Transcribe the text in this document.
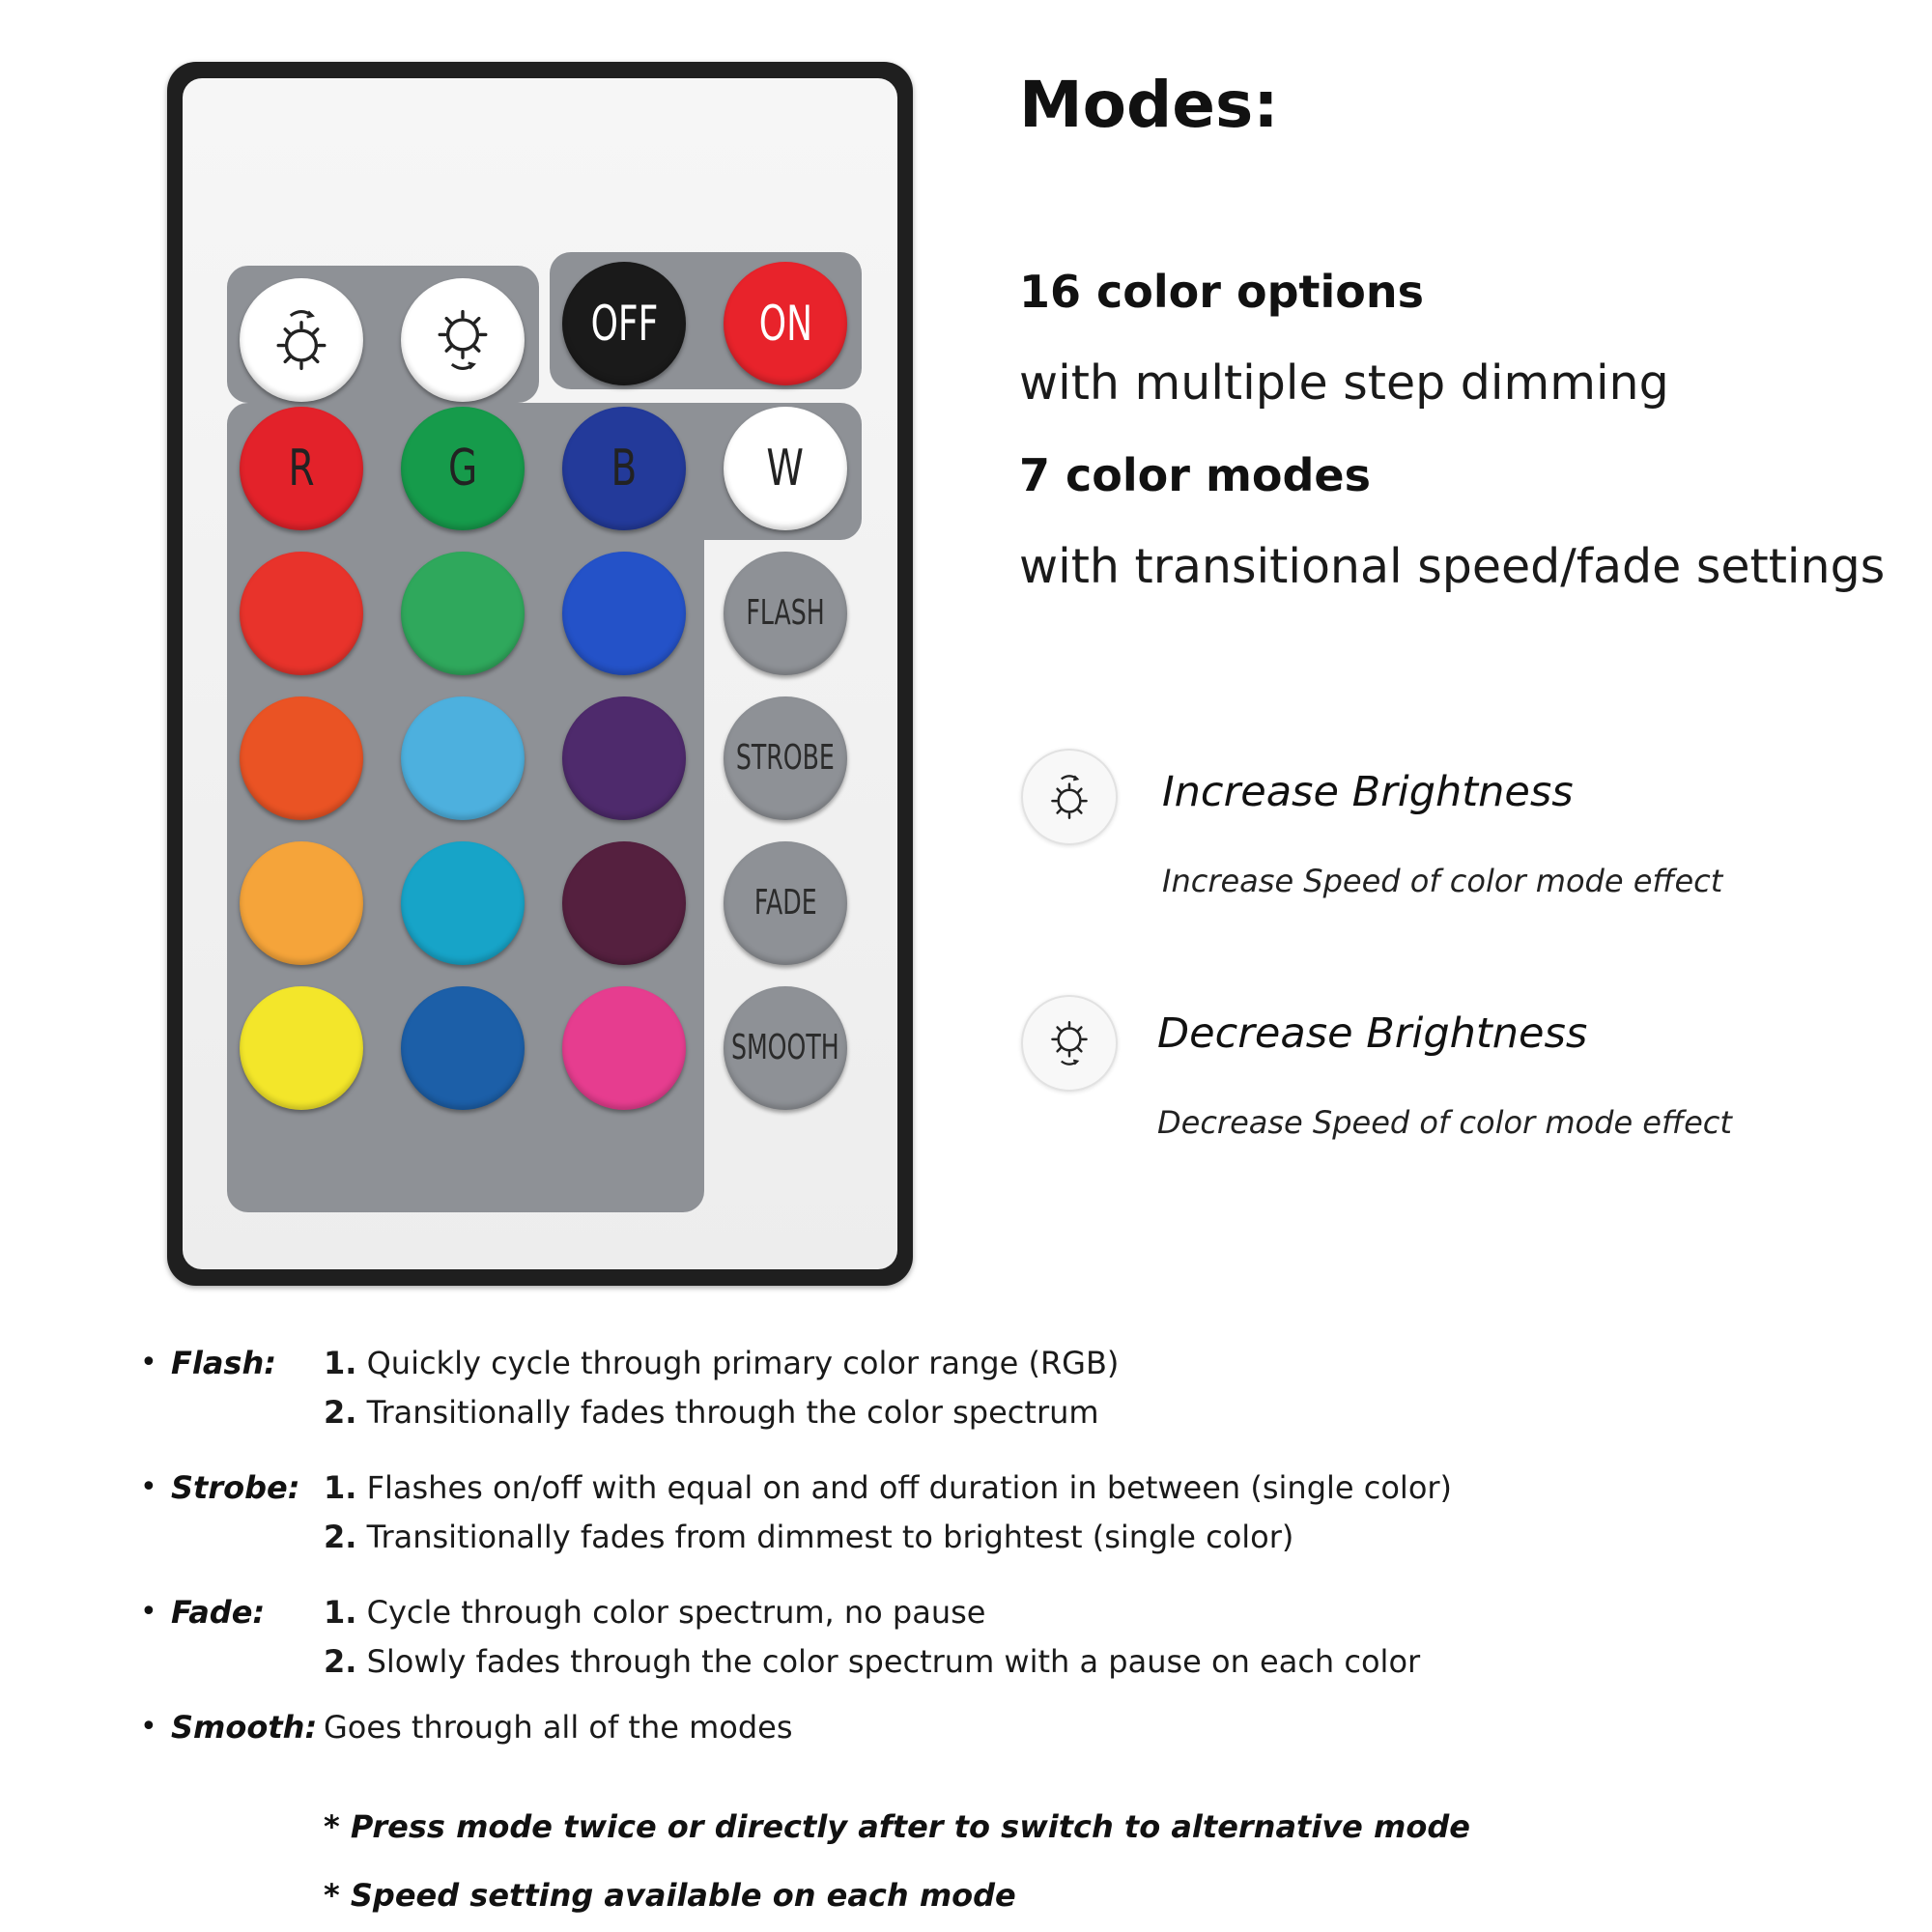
OFF ON
R	G	B	W
FLASH
STROBE
FADE
SMOOTH
Modes:

16 color options

with multiple step dimming

7 color modes

with transitional speed/fade settings

Increase Brightness

Increase Speed of color mode effect

Decrease Brightness

Decrease Speed of color mode effect

• Flash: 1. Quickly cycle through primary color range (RGB)
2. Transitionally fades through the color spectrum
• Strobe: 1. Flashes on/off with equal on and off duration in between (single color)
2. Transitionally fades from dimmest to brightest (single color)
• Fade: 1. Cycle through color spectrum, no pause
2. Slowly fades through the color spectrum with a pause on each color
• Smooth: Goes through all of the modes

* Press mode twice or directly after to switch to alternative mode

* Speed setting available on each mode
